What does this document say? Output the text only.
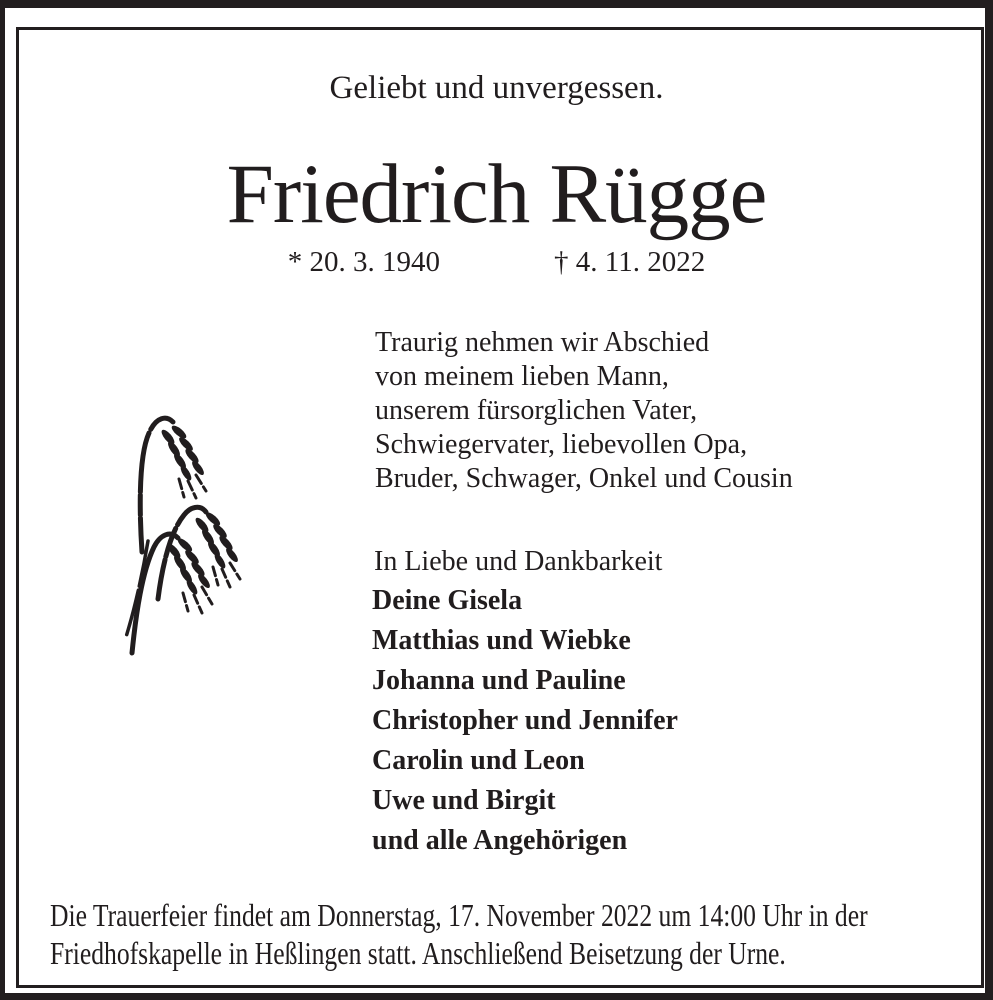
Geliebt und unvergessen.
Friedrich Rügge
* 20. 3. 1940	† 4. 11. 2022
Traurig nehmen wir Abschied
von meinem lieben Mann,
unserem fürsorglichen Vater,
Schwiegervater, liebevollen Opa,
Bruder, Schwager, Onkel und Cousin
In Liebe und Dankbarkeit
Deine Gisela
Matthias und Wiebke
Johanna und Pauline
Christopher und Jennifer
Carolin und Leon
Uwe und Birgit
und alle Angehörigen
Die Trauerfeier findet am Donnerstag, 17. November 2022 um 14:00 Uhr in der
Friedhofskapelle in Heßlingen statt. Anschließend Beisetzung der Urne.
